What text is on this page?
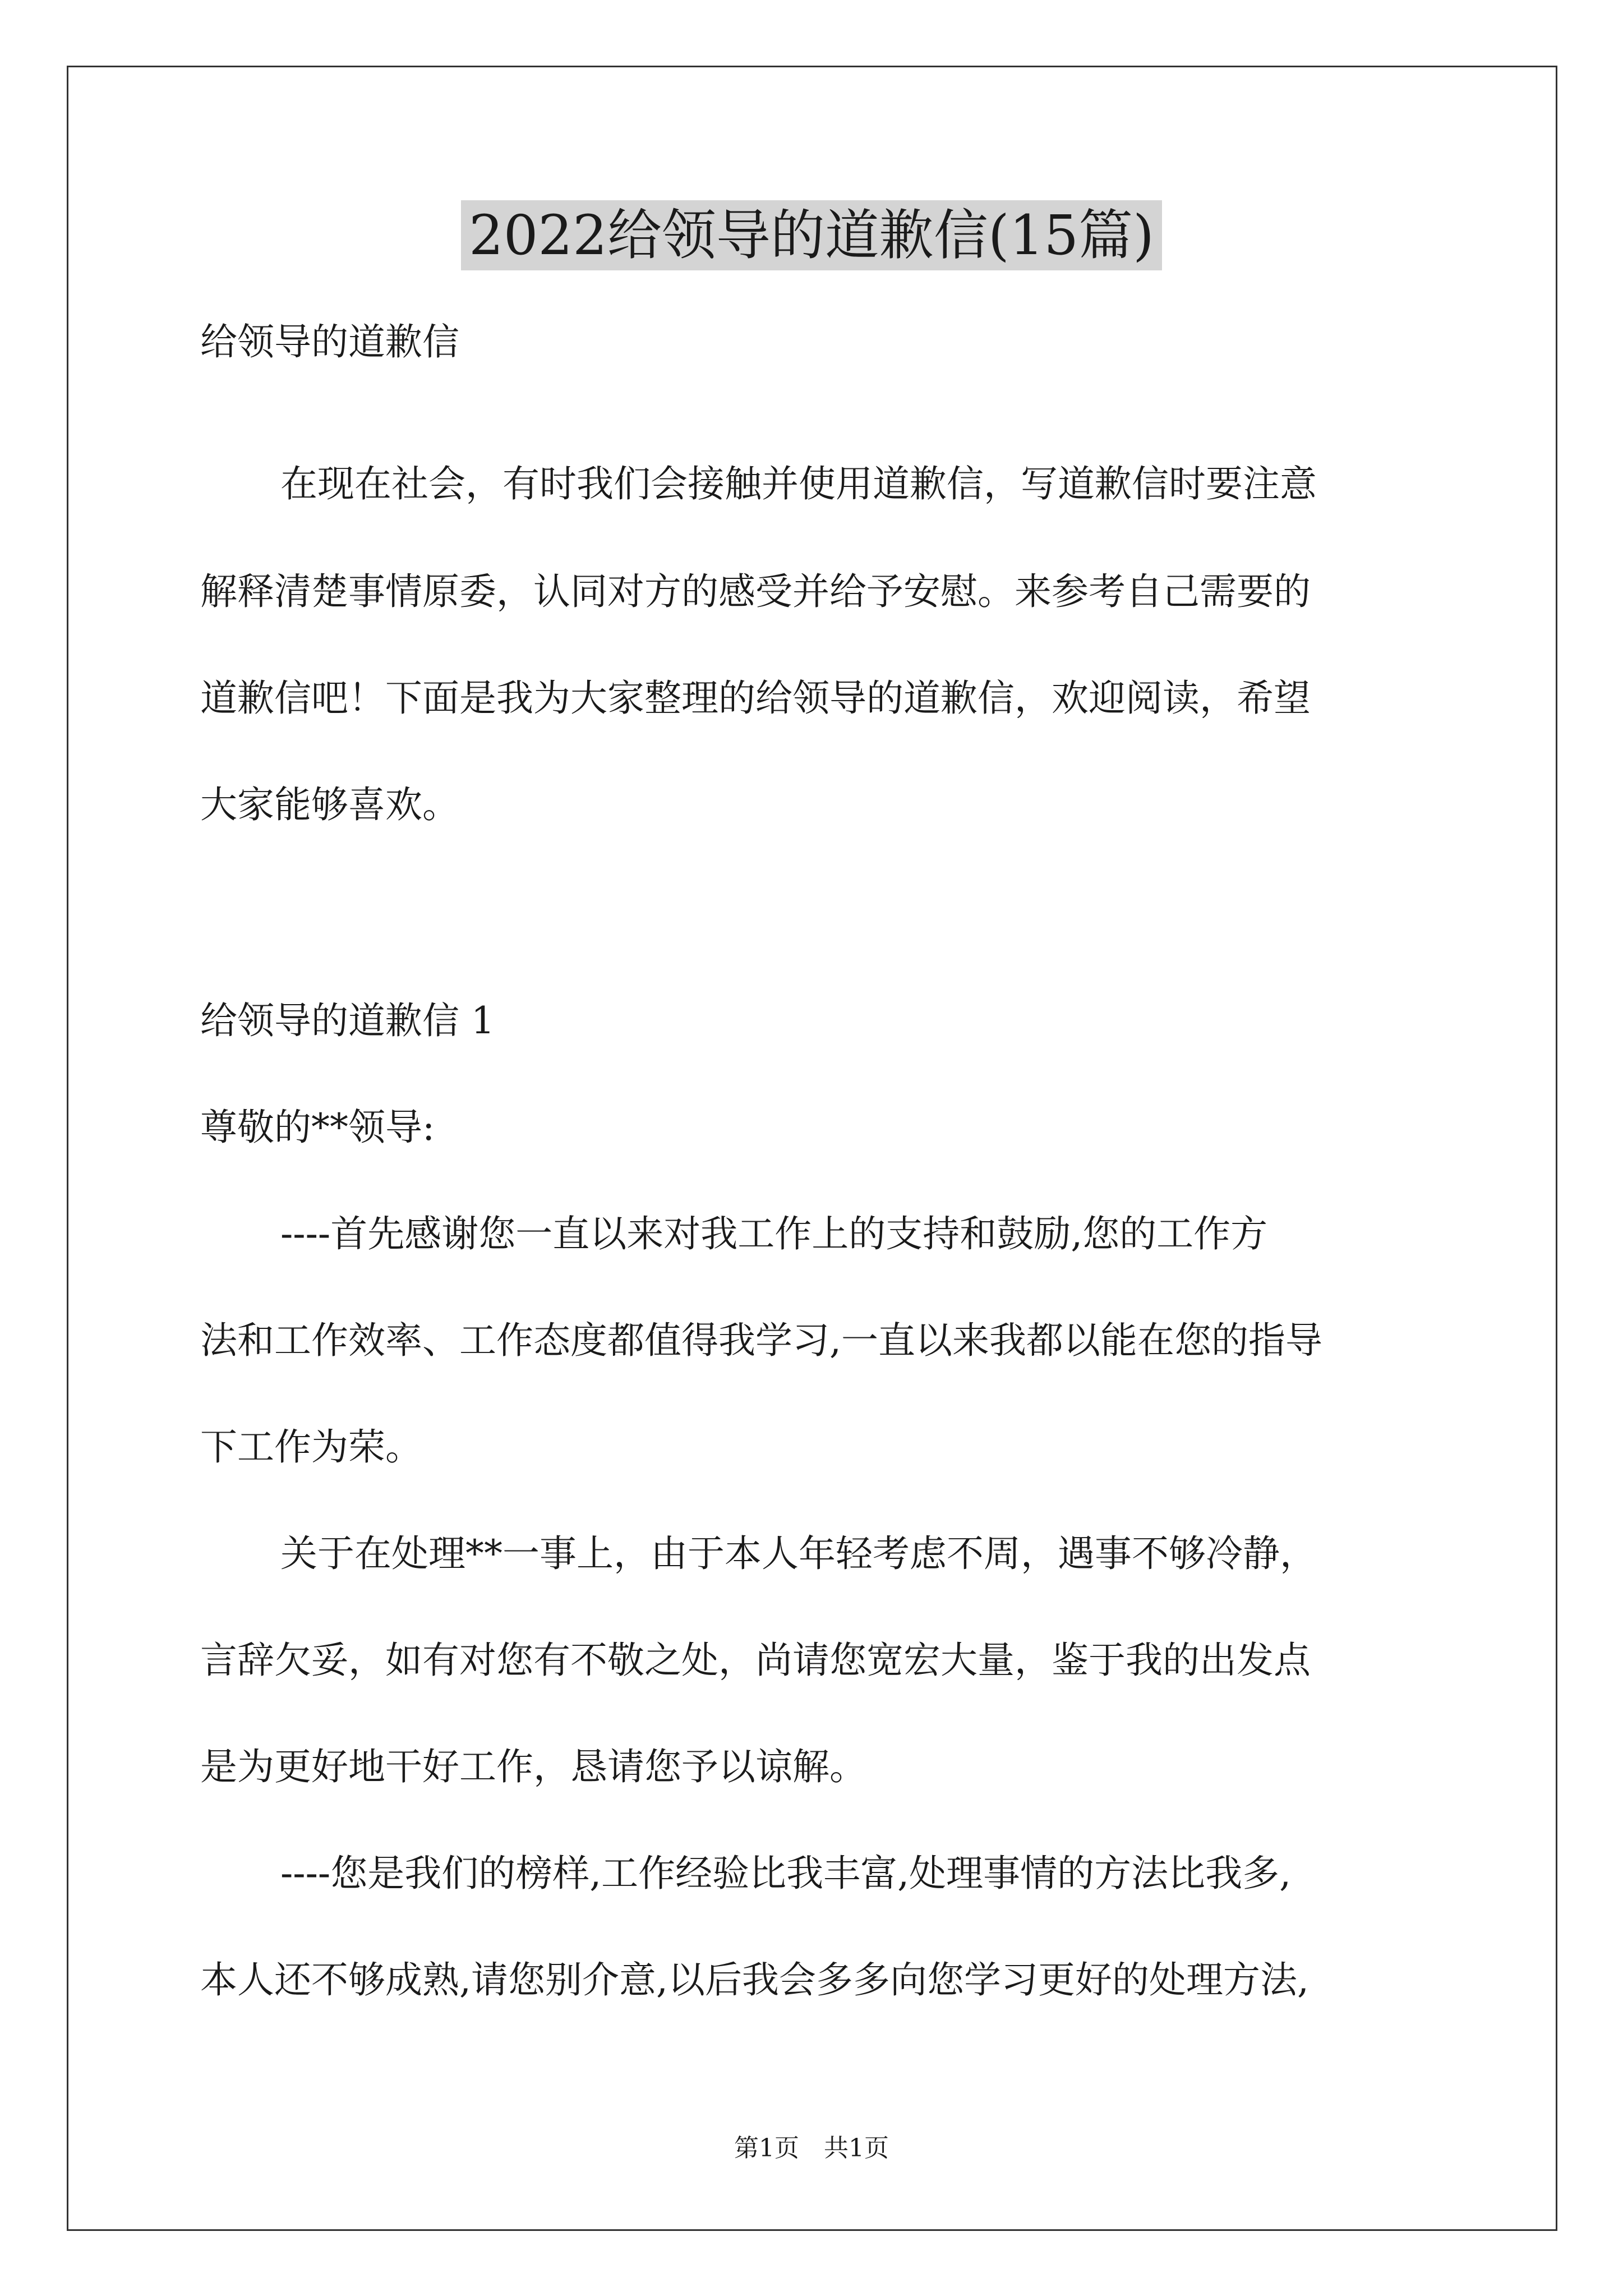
2022给领导的道歉信(15篇)
给领导的道歉信
在现在社会，有时我们会接触并使用道歉信，写道歉信时要注意
解释清楚事情原委，认同对方的感受并给予安慰。来参考自己需要的
道歉信吧！下面是我为大家整理的给领导的道歉信，欢迎阅读，希望
大家能够喜欢。
给领导的道歉信 1
尊敬的**领导:
----首先感谢您一直以来对我工作上的支持和鼓励,您的工作方
法和工作效率、工作态度都值得我学习,一直以来我都以能在您的指导
下工作为荣。
关于在处理**一事上，由于本人年轻考虑不周，遇事不够冷静，
言辞欠妥，如有对您有不敬之处，尚请您宽宏大量，鉴于我的出发点
是为更好地干好工作，恳请您予以谅解。
----您是我们的榜样,工作经验比我丰富,处理事情的方法比我多,
本人还不够成熟,请您别介意,以后我会多多向您学习更好的处理方法,
第1页　共1页
